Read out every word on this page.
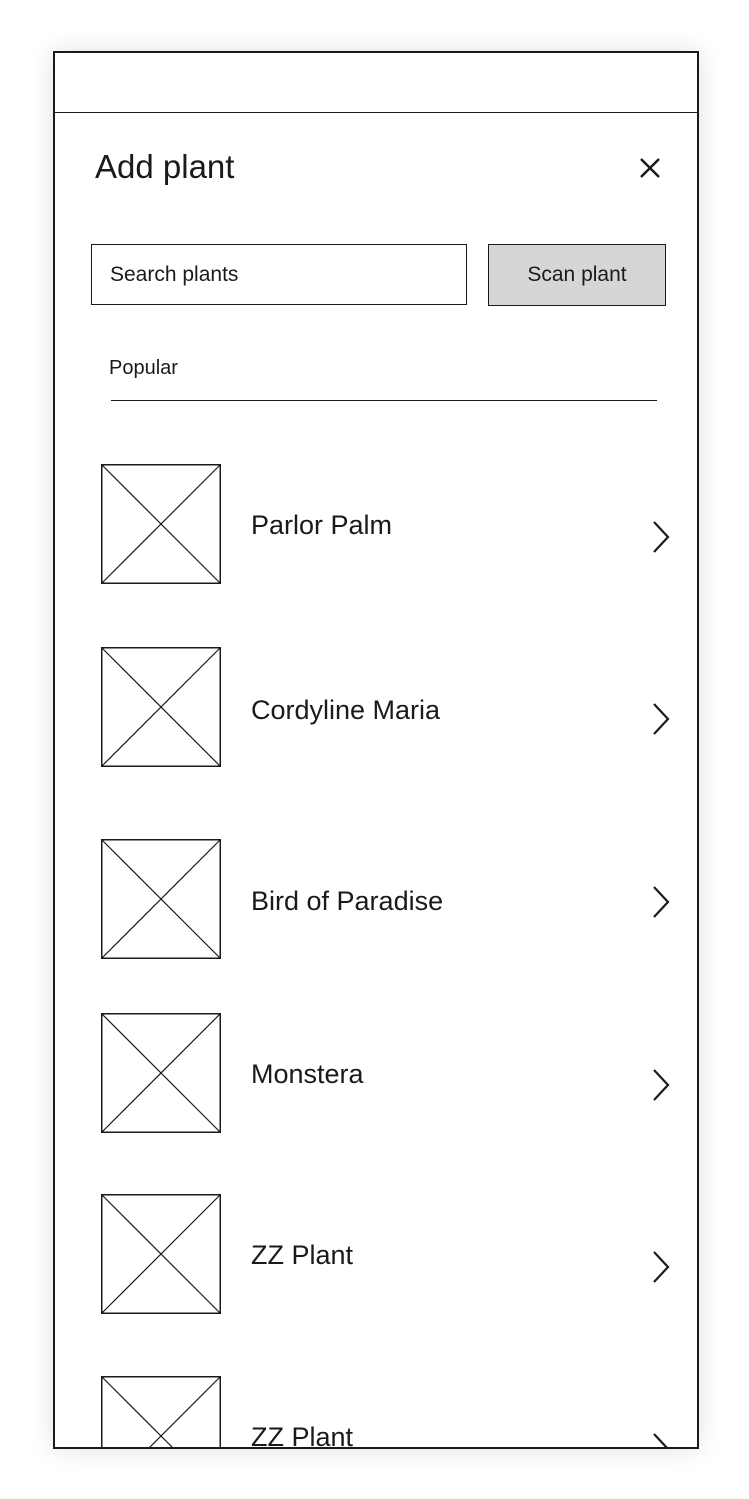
Add plant
Search plants
Scan plant
Popular
Parlor Palm
Cordyline Maria
Bird of Paradise
Monstera
ZZ Plant
ZZ Plant
